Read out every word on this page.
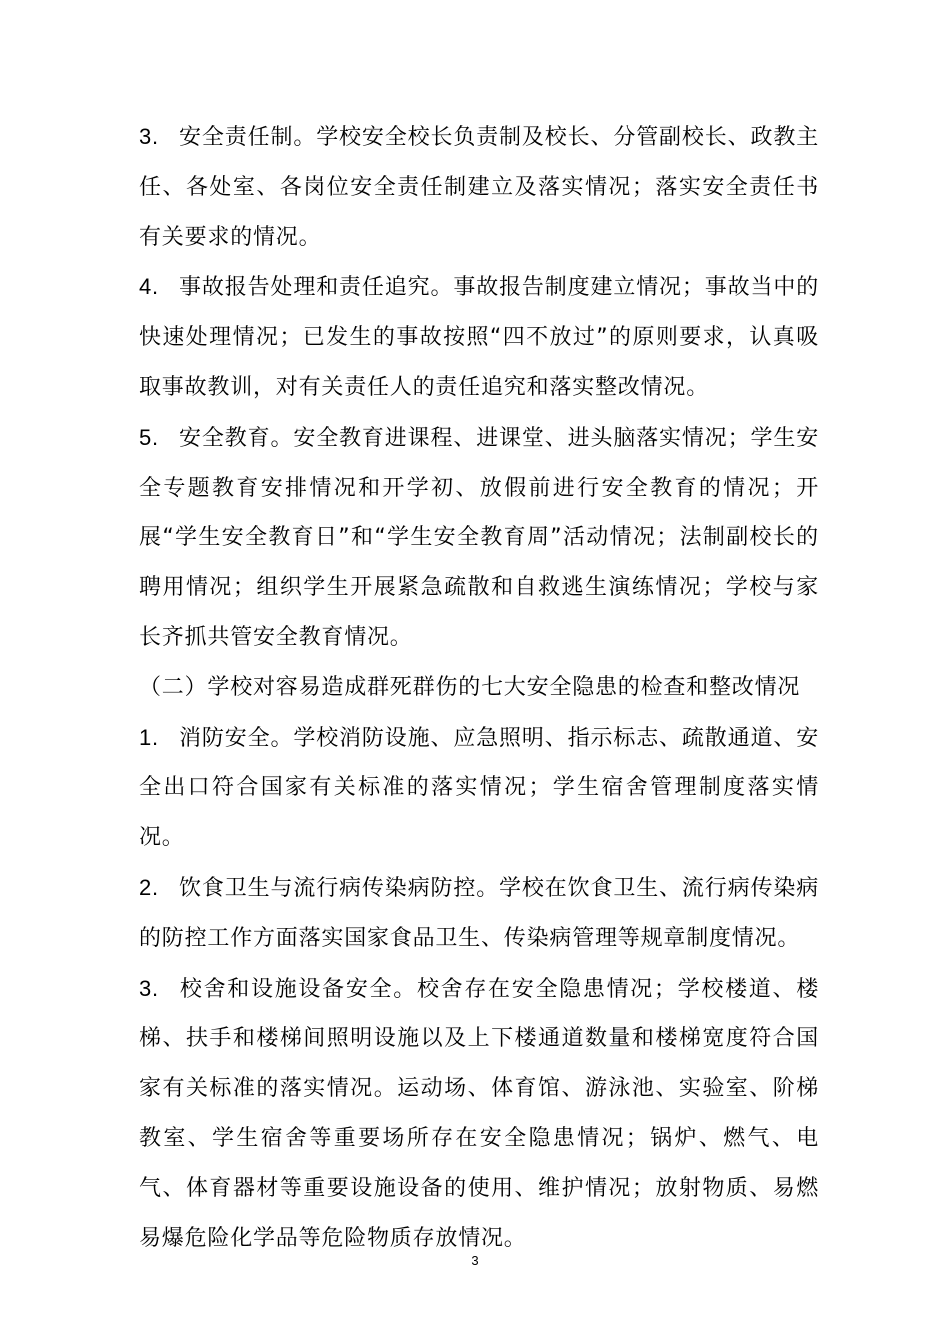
3. 安全责任制。学校安全校长负责制及校长、分管副校长、政教主任、各处室、各岗位安全责任制建立及落实情况；落实安全责任书有关要求的情况。

4. 事故报告处理和责任追究。事故报告制度建立情况；事故当中的快速处理情况；已发生的事故按照“四不放过”的原则要求，认真吸取事故教训，对有关责任人的责任追究和落实整改情况。

5. 安全教育。安全教育进课程、进课堂、进头脑落实情况；学生安全专题教育安排情况和开学初、放假前进行安全教育的情况；开展“学生安全教育日”和“学生安全教育周”活动情况；法制副校长的聘用情况；组织学生开展紧急疏散和自救逃生演练情况；学校与家长齐抓共管安全教育情况。

（二）学校对容易造成群死群伤的七大安全隐患的检查和整改情况

1. 消防安全。学校消防设施、应急照明、指示标志、疏散通道、安全出口符合国家有关标准的落实情况；学生宿舍管理制度落实情况。

2. 饮食卫生与流行病传染病防控。学校在饮食卫生、流行病传染病的防控工作方面落实国家食品卫生、传染病管理等规章制度情况。

3. 校舍和设施设备安全。校舍存在安全隐患情况；学校楼道、楼梯、扶手和楼梯间照明设施以及上下楼通道数量和楼梯宽度符合国家有关标准的落实情况。运动场、体育馆、游泳池、实验室、阶梯教室、学生宿舍等重要场所存在安全隐患情况；锅炉、燃气、电气、体育器材等重要设施设备的使用、维护情况；放射物质、易燃易爆危险化学品等危险物质存放情况。

3
